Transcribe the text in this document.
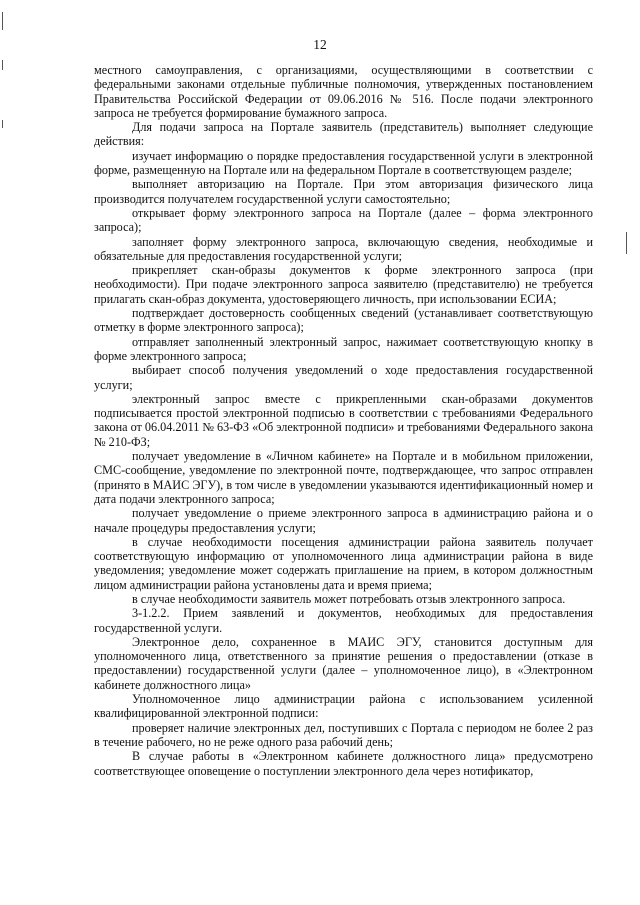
12

местного самоуправления, с организациями, осуществляющими в соответствии с федеральными законами отдельные публичные полномочия, утвержденных постановлением Правительства Российской Федерации от 09.06.2016 № 516. После подачи электронного запроса не требуется формирование бумажного запроса.

Для подачи запроса на Портале заявитель (представитель) выполняет следующие действия:

изучает информацию о порядке предоставления государственной услуги в электронной форме, размещенную на Портале или на федеральном Портале в соответствующем разделе;

выполняет авторизацию на Портале. При этом авторизация физического лица производится получателем государственной услуги самостоятельно;

открывает форму электронного запроса на Портале (далее – форма электронного запроса);

заполняет форму электронного запроса, включающую сведения, необходимые и обязательные для предоставления государственной услуги;

прикрепляет скан-образы документов к форме электронного запроса (при необходимости). При подаче электронного запроса заявителю (представителю) не требуется прилагать скан-образ документа, удостоверяющего личность, при использовании ЕСИА;

подтверждает достоверность сообщенных сведений (устанавливает соответствующую отметку в форме электронного запроса);

отправляет заполненный электронный запрос, нажимает соответствующую кнопку в форме электронного запроса;

выбирает способ получения уведомлений о ходе предоставления государственной услуги;

электронный запрос вместе с прикрепленными скан-образами документов подписывается простой электронной подписью в соответствии с требованиями Федерального закона от 06.04.2011 № 63-ФЗ «Об электронной подписи» и требованиями Федерального закона № 210-ФЗ;

получает уведомление в «Личном кабинете» на Портале и в мобильном приложении, СМС-сообщение, уведомление по электронной почте, подтверждающее, что запрос отправлен (принято в МАИС ЭГУ), в том числе в уведомлении указываются идентификационный номер и дата подачи электронного запроса;

получает уведомление о приеме электронного запроса в администрацию района и о начале процедуры предоставления услуги;

в случае необходимости посещения администрации района заявитель получает соответствующую информацию от уполномоченного лица администрации района в виде уведомления; уведомление может содержать приглашение на прием, в котором должностным лицом администрации района установлены дата и время приема;

в случае необходимости заявитель может потребовать отзыв электронного запроса.

3-1.2.2. Прием заявлений и документов, необходимых для предоставления государственной услуги.

Электронное дело, сохраненное в МАИС ЭГУ, становится доступным для уполномоченного лица, ответственного за принятие решения о предоставлении (отказе в предоставлении) государственной услуги (далее – уполномоченное лицо), в «Электронном кабинете должностного лица»

Уполномоченное лицо администрации района с использованием усиленной квалифицированной электронной подписи:

проверяет наличие электронных дел, поступивших с Портала с периодом не более 2 раз в течение рабочего, но не реже одного раза рабочий день;

В случае работы в «Электронном кабинете должностного лица» предусмотрено соответствующее оповещение о поступлении электронного дела через нотификатор,
